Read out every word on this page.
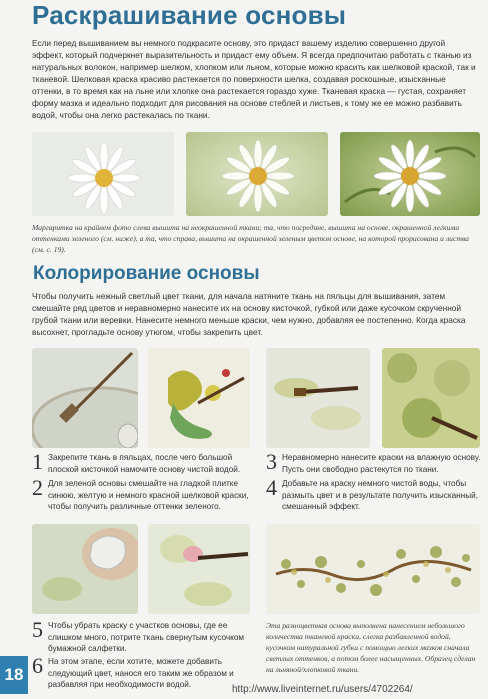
Раскрашивание основы
Если перед вышиванием вы немного подкрасите основу, это придаст вашему изделию совершенно другой эффект, который подчеркнет выразительность и придаст ему объем. Я всегда предпочитаю работать с тканью из натуральных волокон, например шелком, хлопком или льном, которые можно красить как шелковой краской, так и тканевой. Шелковая краска красиво растекается по поверхности шелка, создавая роскошные, изысканные оттенки, в то время как на льне или хлопке она растекается гораздо хуже. Тканевая краска — густая, сохраняет форму мазка и идеально подходит для рисования на основе стеблей и листьев, к тому же ее можно разбавить водой, чтобы она легко растекалась по ткани.
Маргаритка на крайнем фото слева вышита на неокрашенной ткани; та, что посредине, вышита на основе, окрашенной легкими оттенками зеленого (см. ниже), а та, что справа, вышита на окрашенной зеленым цветом основе, на которой прорисована и листва (см. с. 19).
Колорирование основы
Чтобы получить нежный светлый цвет ткани, для начала натяните ткань на пяльцы для вышивания, затем смешайте ряд цветов и неравномерно нанесите их на основу кисточкой, губкой или даже кусочком скрученной грубой ткани или веревки. Нанесите немного меньше краски, чем нужно, добавляя ее постепенно. Когда краска высохнет, прогладьте основу утюгом, чтобы закрепить цвет.
1 Закрепите ткань в пяльцах, после чего большой плоской кисточкой намочите основу чистой водой.
2 Для зеленой основы смешайте на гладкой плитке синюю, желтую и немного красной шелковой краски, чтобы получить различные оттенки зеленого.
3 Неравномерно нанесите краски на влажную основу. Пусть они свободно растекутся по ткани.
4 Добавьте на краску немного чистой воды, чтобы размыть цвет и в результате получить изысканный, смешанный эффект.
5 Чтобы убрать краску с участков основы, где ее слишком много, потрите ткань свернутым кусочком бумажной салфетки.
6 На этом этапе, если хотите, можете добавить следующий цвет, нанося его таким же образом и разбавляя при необходимости водой.
Эта разноцветная основа выполнена нанесением небольшого количества тканевой краски, слегка разбавленной водой, кусочком натуральной губки с помощью легких мазков сначала светлых оттенков, а потом более насыщенных. Образец сделан на льняной/хлопковой ткани.
18
http://www.liveinternet.ru/users/4702264/
